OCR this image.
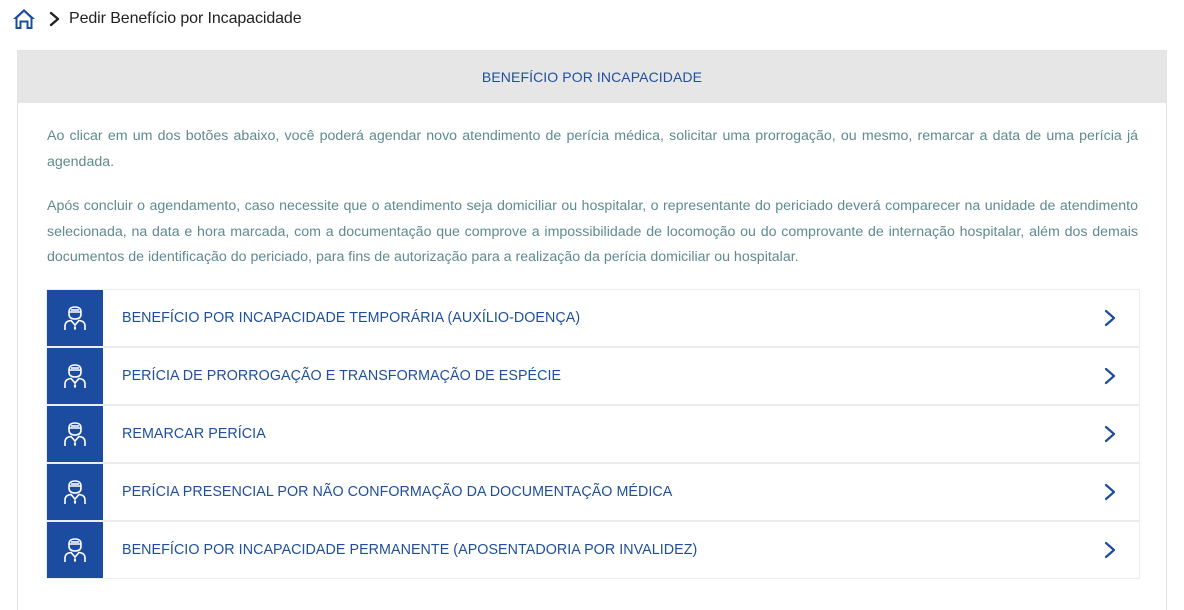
Pedir Benefício por Incapacidade
BENEFÍCIO POR INCAPACIDADE

Ao clicar em um dos botões abaixo, você poderá agendar novo atendimento de perícia médica, solicitar uma prorrogação, ou mesmo, remarcar a data de uma perícia já agendada.

Após concluir o agendamento, caso necessite que o atendimento seja domiciliar ou hospitalar, o representante do periciado deverá comparecer na unidade de atendimento selecionada, na data e hora marcada, com a documentação que comprove a impossibilidade de locomoção ou do comprovante de internação hospitalar, além dos demais documentos de identificação do periciado, para fins de autorização para a realização da perícia domiciliar ou hospitalar.

BENEFÍCIO POR INCAPACIDADE TEMPORÁRIA (AUXÍLIO-DOENÇA)
PERÍCIA DE PRORROGAÇÃO E TRANSFORMAÇÃO DE ESPÉCIE
REMARCAR PERÍCIA
PERÍCIA PRESENCIAL POR NÃO CONFORMAÇÃO DA DOCUMENTAÇÃO MÉDICA
BENEFÍCIO POR INCAPACIDADE PERMANENTE (APOSENTADORIA POR INVALIDEZ)
